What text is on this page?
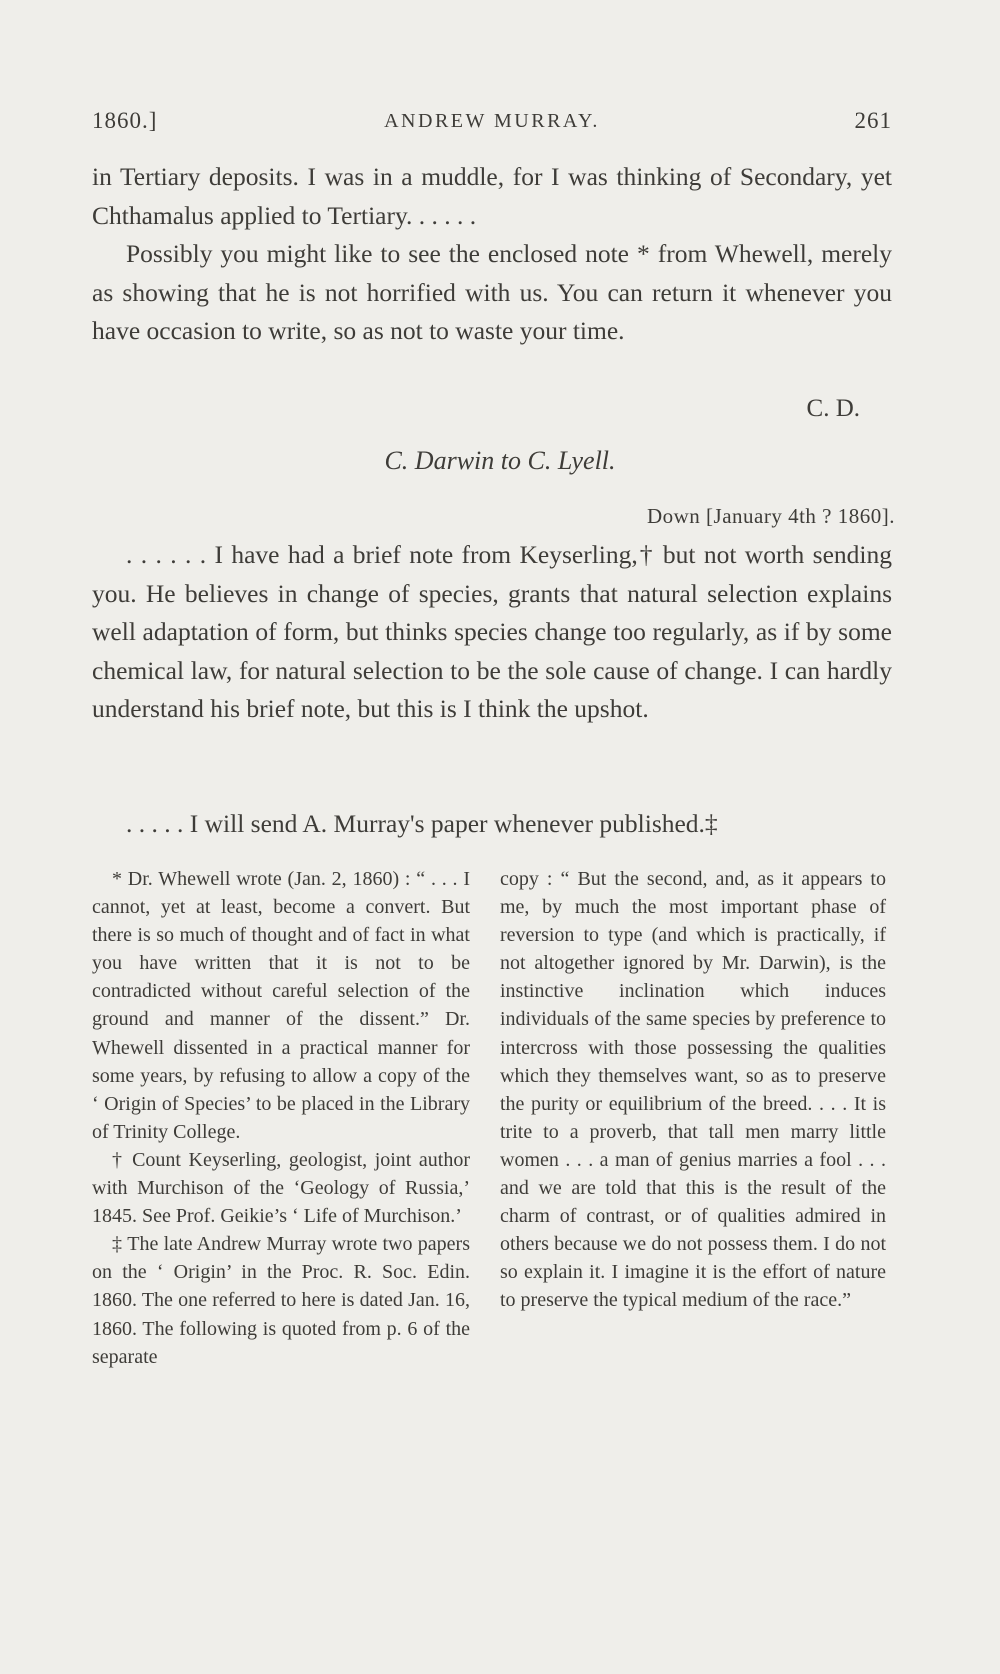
1860.]	ANDREW MURRAY.	261

in Tertiary deposits. I was in a muddle, for I was thinking of Secondary, yet Chthamalus applied to Tertiary. . . . . .

Possibly you might like to see the enclosed note * from Whewell, merely as showing that he is not horrified with us. You can return it whenever you have occasion to write, so as not to waste your time.

C. D.
C. Darwin to C. Lyell.
Down [January 4th ? 1860].

. . . . . . I have had a brief note from Keyserling,† but not worth sending you. He believes in change of species, grants that natural selection explains well adaptation of form, but thinks species change too regularly, as if by some chemical law, for natural selection to be the sole cause of change. I can hardly understand his brief note, but this is I think the upshot.

. . . . . I will send A. Murray's paper whenever published.‡

* Dr. Whewell wrote (Jan. 2, 1860) : “ . . . I cannot, yet at least, become a convert. But there is so much of thought and of fact in what you have written that it is not to be contradicted without careful selection of the ground and manner of the dissent.” Dr. Whewell dissented in a practical manner for some years, by refusing to allow a copy of the ‘ Origin of Species’ to be placed in the Library of Trinity College.

† Count Keyserling, geologist, joint author with Murchison of the ‘Geology of Russia,’ 1845. See Prof. Geikie’s ‘ Life of Murchison.’

‡ The late Andrew Murray wrote two papers on the ‘ Origin’ in the Proc. R. Soc. Edin. 1860. The one referred to here is dated Jan. 16, 1860. The following is quoted from p. 6 of the separate

copy : “ But the second, and, as it appears to me, by much the most important phase of reversion to type (and which is practically, if not altogether ignored by Mr. Darwin), is the instinctive inclination which induces individuals of the same species by preference to intercross with those possessing the qualities which they themselves want, so as to preserve the purity or equilibrium of the breed. . . . It is trite to a proverb, that tall men marry little women . . . a man of genius marries a fool . . . and we are told that this is the result of the charm of contrast, or of qualities admired in others because we do not possess them. I do not so explain it. I imagine it is the effort of nature to preserve the typical medium of the race.”
